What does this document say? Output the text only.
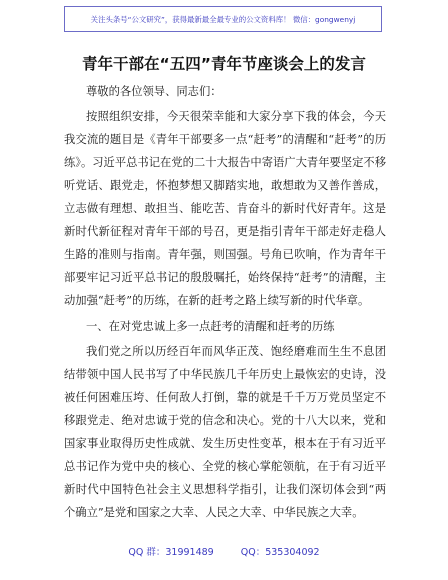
关注头条号“公文研究”，获得最新最全最专业的公文资料库！ 微信：gongwenyj
青年干部在“五四”青年节座谈会上的发言

尊敬的各位领导、同志们：

按照组织安排，今天很荣幸能和大家分享下我的体会，今天我交流的题目是《青年干部要多一点“赶考”的清醒和“赶考”的历练》。习近平总书记在党的二十大报告中寄语广大青年要坚定不移听党话、跟党走，怀抱梦想又脚踏实地，敢想敢为又善作善成，立志做有理想、敢担当、能吃苦、肯奋斗的新时代好青年。这是新时代新征程对青年干部的号召，更是指引青年干部走好走稳人生路的准则与指南。青年强，则国强。号角已吹响，作为青年干部要牢记习近平总书记的殷殷嘱托，始终保持“赶考”的清醒，主动加强“赶考”的历练，在新的赶考之路上续写新的时代华章。

一、在对党忠诚上多一点赶考的清醒和赶考的历练

我们党之所以历经百年而风华正茂、饱经磨难而生生不息团结带领中国人民书写了中华民族几千年历史上最恢宏的史诗，没被任何困难压垮、任何敌人打倒，靠的就是千千万万党员坚定不移跟党走、绝对忠诚于党的信念和决心。党的十八大以来，党和国家事业取得历史性成就、发生历史性变革，根本在于有习近平总书记作为党中央的核心、全党的核心掌舵领航，在于有习近平新时代中国特色社会主义思想科学指引，让我们深切体会到“两个确立”是党和国家之大幸、人民之大幸、中华民族之大幸。

QQ 群：31991489	QQ：535304092
